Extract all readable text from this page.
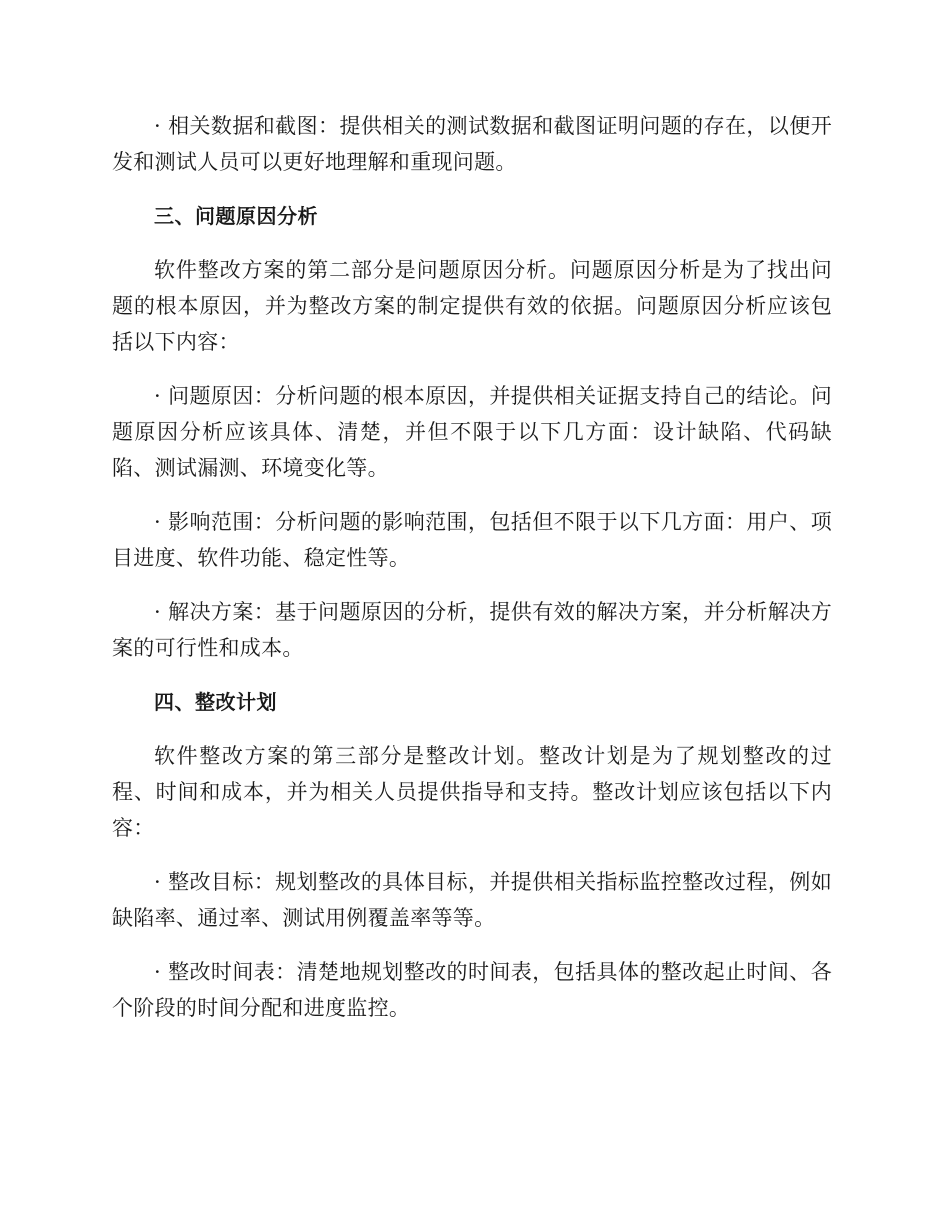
· 相关数据和截图：提供相关的测试数据和截图证明问题的存在，以便开发和测试人员可以更好地理解和重现问题。

三、问题原因分析

软件整改方案的第二部分是问题原因分析。问题原因分析是为了找出问题的根本原因，并为整改方案的制定提供有效的依据。问题原因分析应该包括以下内容：

· 问题原因：分析问题的根本原因，并提供相关证据支持自己的结论。问题原因分析应该具体、清楚，并但不限于以下几方面：设计缺陷、代码缺陷、测试漏测、环境变化等。

· 影响范围：分析问题的影响范围，包括但不限于以下几方面：用户、项目进度、软件功能、稳定性等。

· 解决方案：基于问题原因的分析，提供有效的解决方案，并分析解决方案的可行性和成本。

四、整改计划

软件整改方案的第三部分是整改计划。整改计划是为了规划整改的过程、时间和成本，并为相关人员提供指导和支持。整改计划应该包括以下内容：

· 整改目标：规划整改的具体目标，并提供相关指标监控整改过程，例如缺陷率、通过率、测试用例覆盖率等等。

· 整改时间表：清楚地规划整改的时间表，包括具体的整改起止时间、各个阶段的时间分配和进度监控。
